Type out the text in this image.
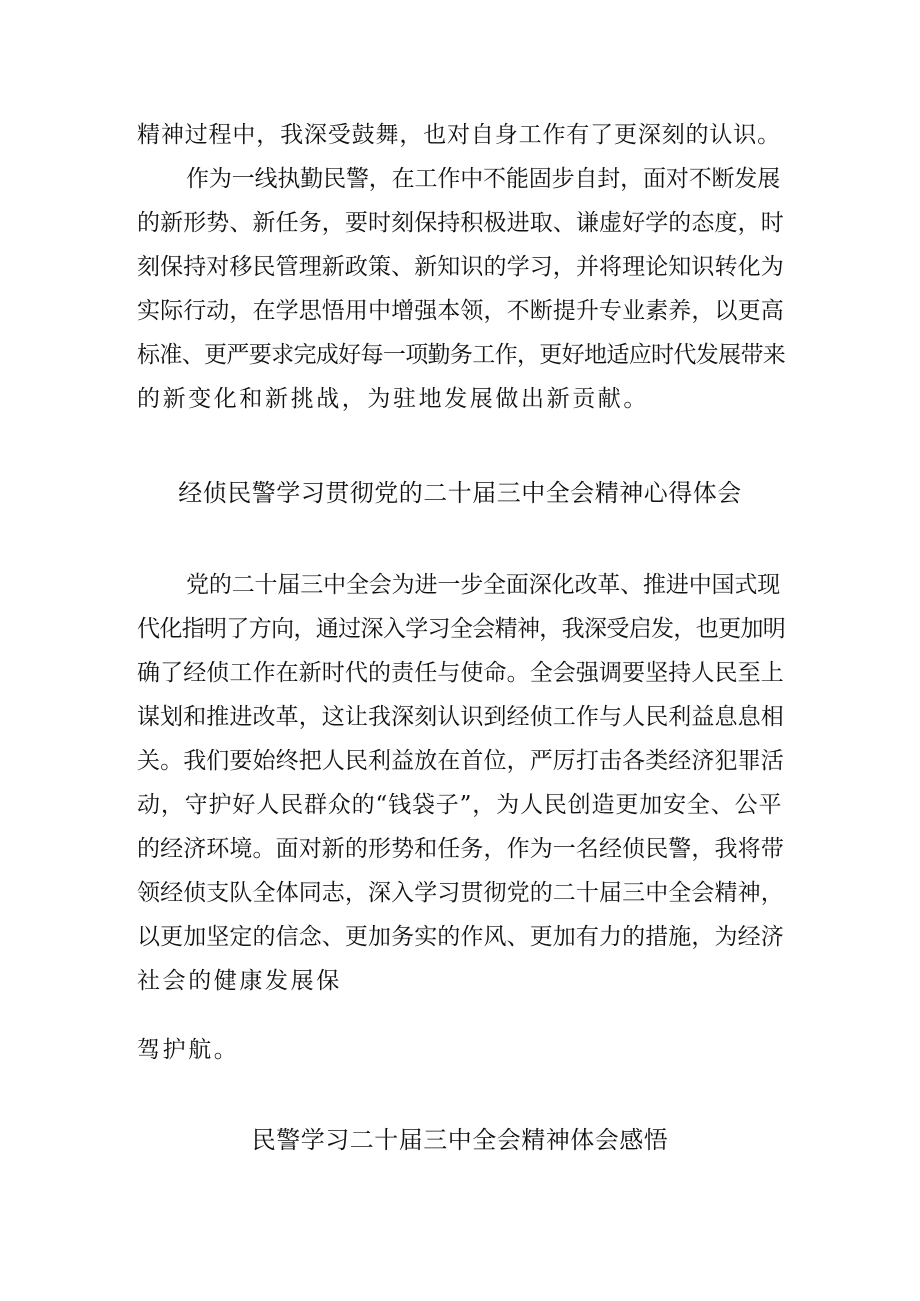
精神过程中，我深受鼓舞，也对自身工作有了更深刻的认识。
作为一线执勤民警，在工作中不能固步自封，面对不断发展
的新形势、新任务，要时刻保持积极进取、谦虚好学的态度，时
刻保持对移民管理新政策、新知识的学习，并将理论知识转化为
实际行动，在学思悟用中增强本领，不断提升专业素养，以更高
标准、更严要求完成好每一项勤务工作，更好地适应时代发展带来
的新变化和新挑战，为驻地发展做出新贡献。
经侦民警学习贯彻党的二十届三中全会精神心得体会
党的二十届三中全会为进一步全面深化改革、推进中国式现
代化指明了方向，通过深入学习全会精神，我深受启发，也更加明
确了经侦工作在新时代的责任与使命。全会强调要坚持人民至上
谋划和推进改革，这让我深刻认识到经侦工作与人民利益息息相
关。我们要始终把人民利益放在首位，严厉打击各类经济犯罪活
动，守护好人民群众的“钱袋子”，为人民创造更加安全、公平
的经济环境。面对新的形势和任务，作为一名经侦民警，我将带
领经侦支队全体同志，深入学习贯彻党的二十届三中全会精神，
以更加坚定的信念、更加务实的作风、更加有力的措施，为经济
社会的健康发展保
驾护航。
民警学习二十届三中全会精神体会感悟
